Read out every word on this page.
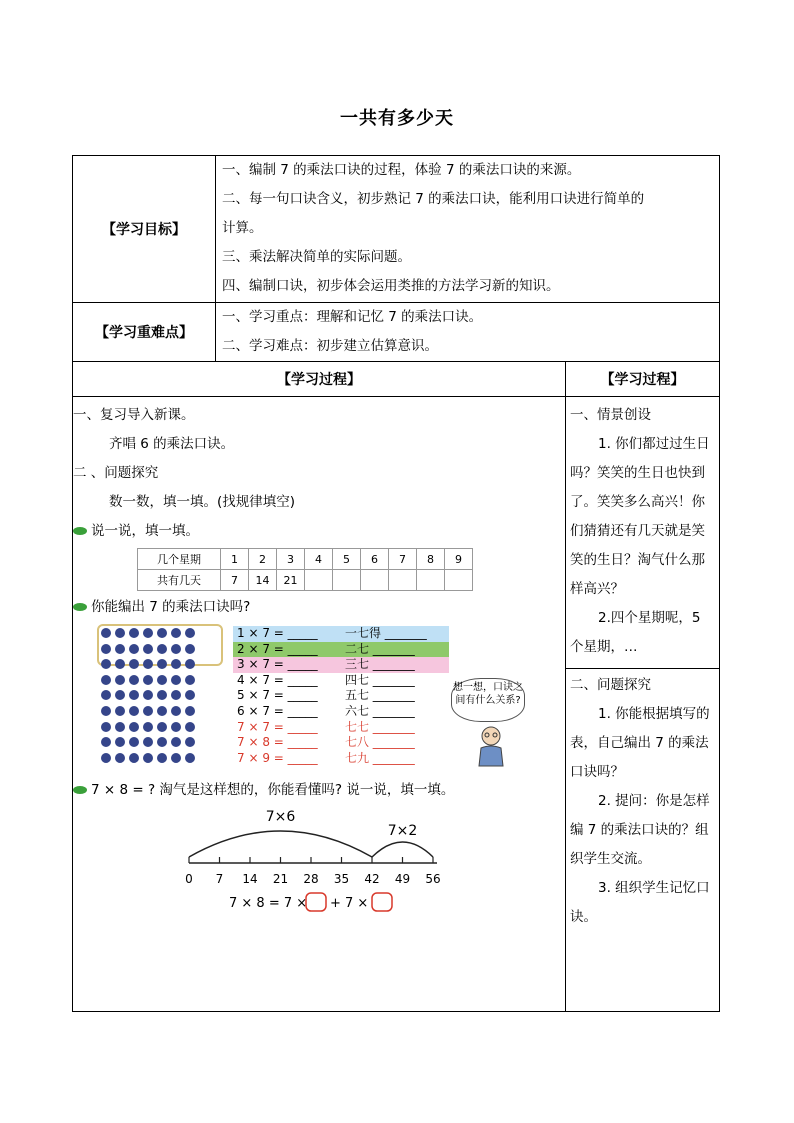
一共有多少天
【学习目标】	

一、编制 7 的乘法口诀的过程，体验 7 的乘法口诀的来源。

二、每一句口诀含义，初步熟记 7 的乘法口诀，能利用口诀进行简单的

计算。

三、乘法解决简单的实际问题。

四、编制口诀，初步体会运用类推的方法学习新的知识。

【学习重难点】	

一、学习重点：理解和记忆 7 的乘法口诀。

二、学习难点：初步建立估算意识。

【学习过程】	【学习过程】

一、复习导入新课。

齐唱 6 的乘法口诀。

二 、问题探究

数一数，填一填。(找规律填空)

说一说，填一填。

几个星期	1	2	3	4	5	6	7	8	9
共有几天	7	14	21						

你能编出 7 的乘法口诀吗?

1 × 7 = _____	一七得 _______
2 × 7 = _____	二七 _______
3 × 7 = _____	三七 _______
4 × 7 = _____	四七 _______
5 × 7 = _____	五七 _______
6 × 7 = _____	六七 _______
7 × 7 = _____	七七 _______
7 × 8 = _____	七八 _______
7 × 9 = _____	七九 _______
想一想，口诀之间有什么关系?

7 × 8 = ? 淘气是这样想的，你能看懂吗? 说一说，填一填。

0 7 14 21 28 35 42 49 56
7×6
7×2
7 × 8 = 7 × + 7 ×

一、情景创设

1. 你们都过过生日吗？笑笑的生日也快到了。笑笑多么高兴！你们猜猜还有几天就是笑笑的生日？淘气什么那样高兴？

2.四个星期呢，5 个星期，…

二、问题探究

1. 你能根据填写的表，自己编出 7 的乘法口诀吗？

2. 提问：你是怎样编 7 的乘法口诀的？组织学生交流。

3. 组织学生记忆口诀。
